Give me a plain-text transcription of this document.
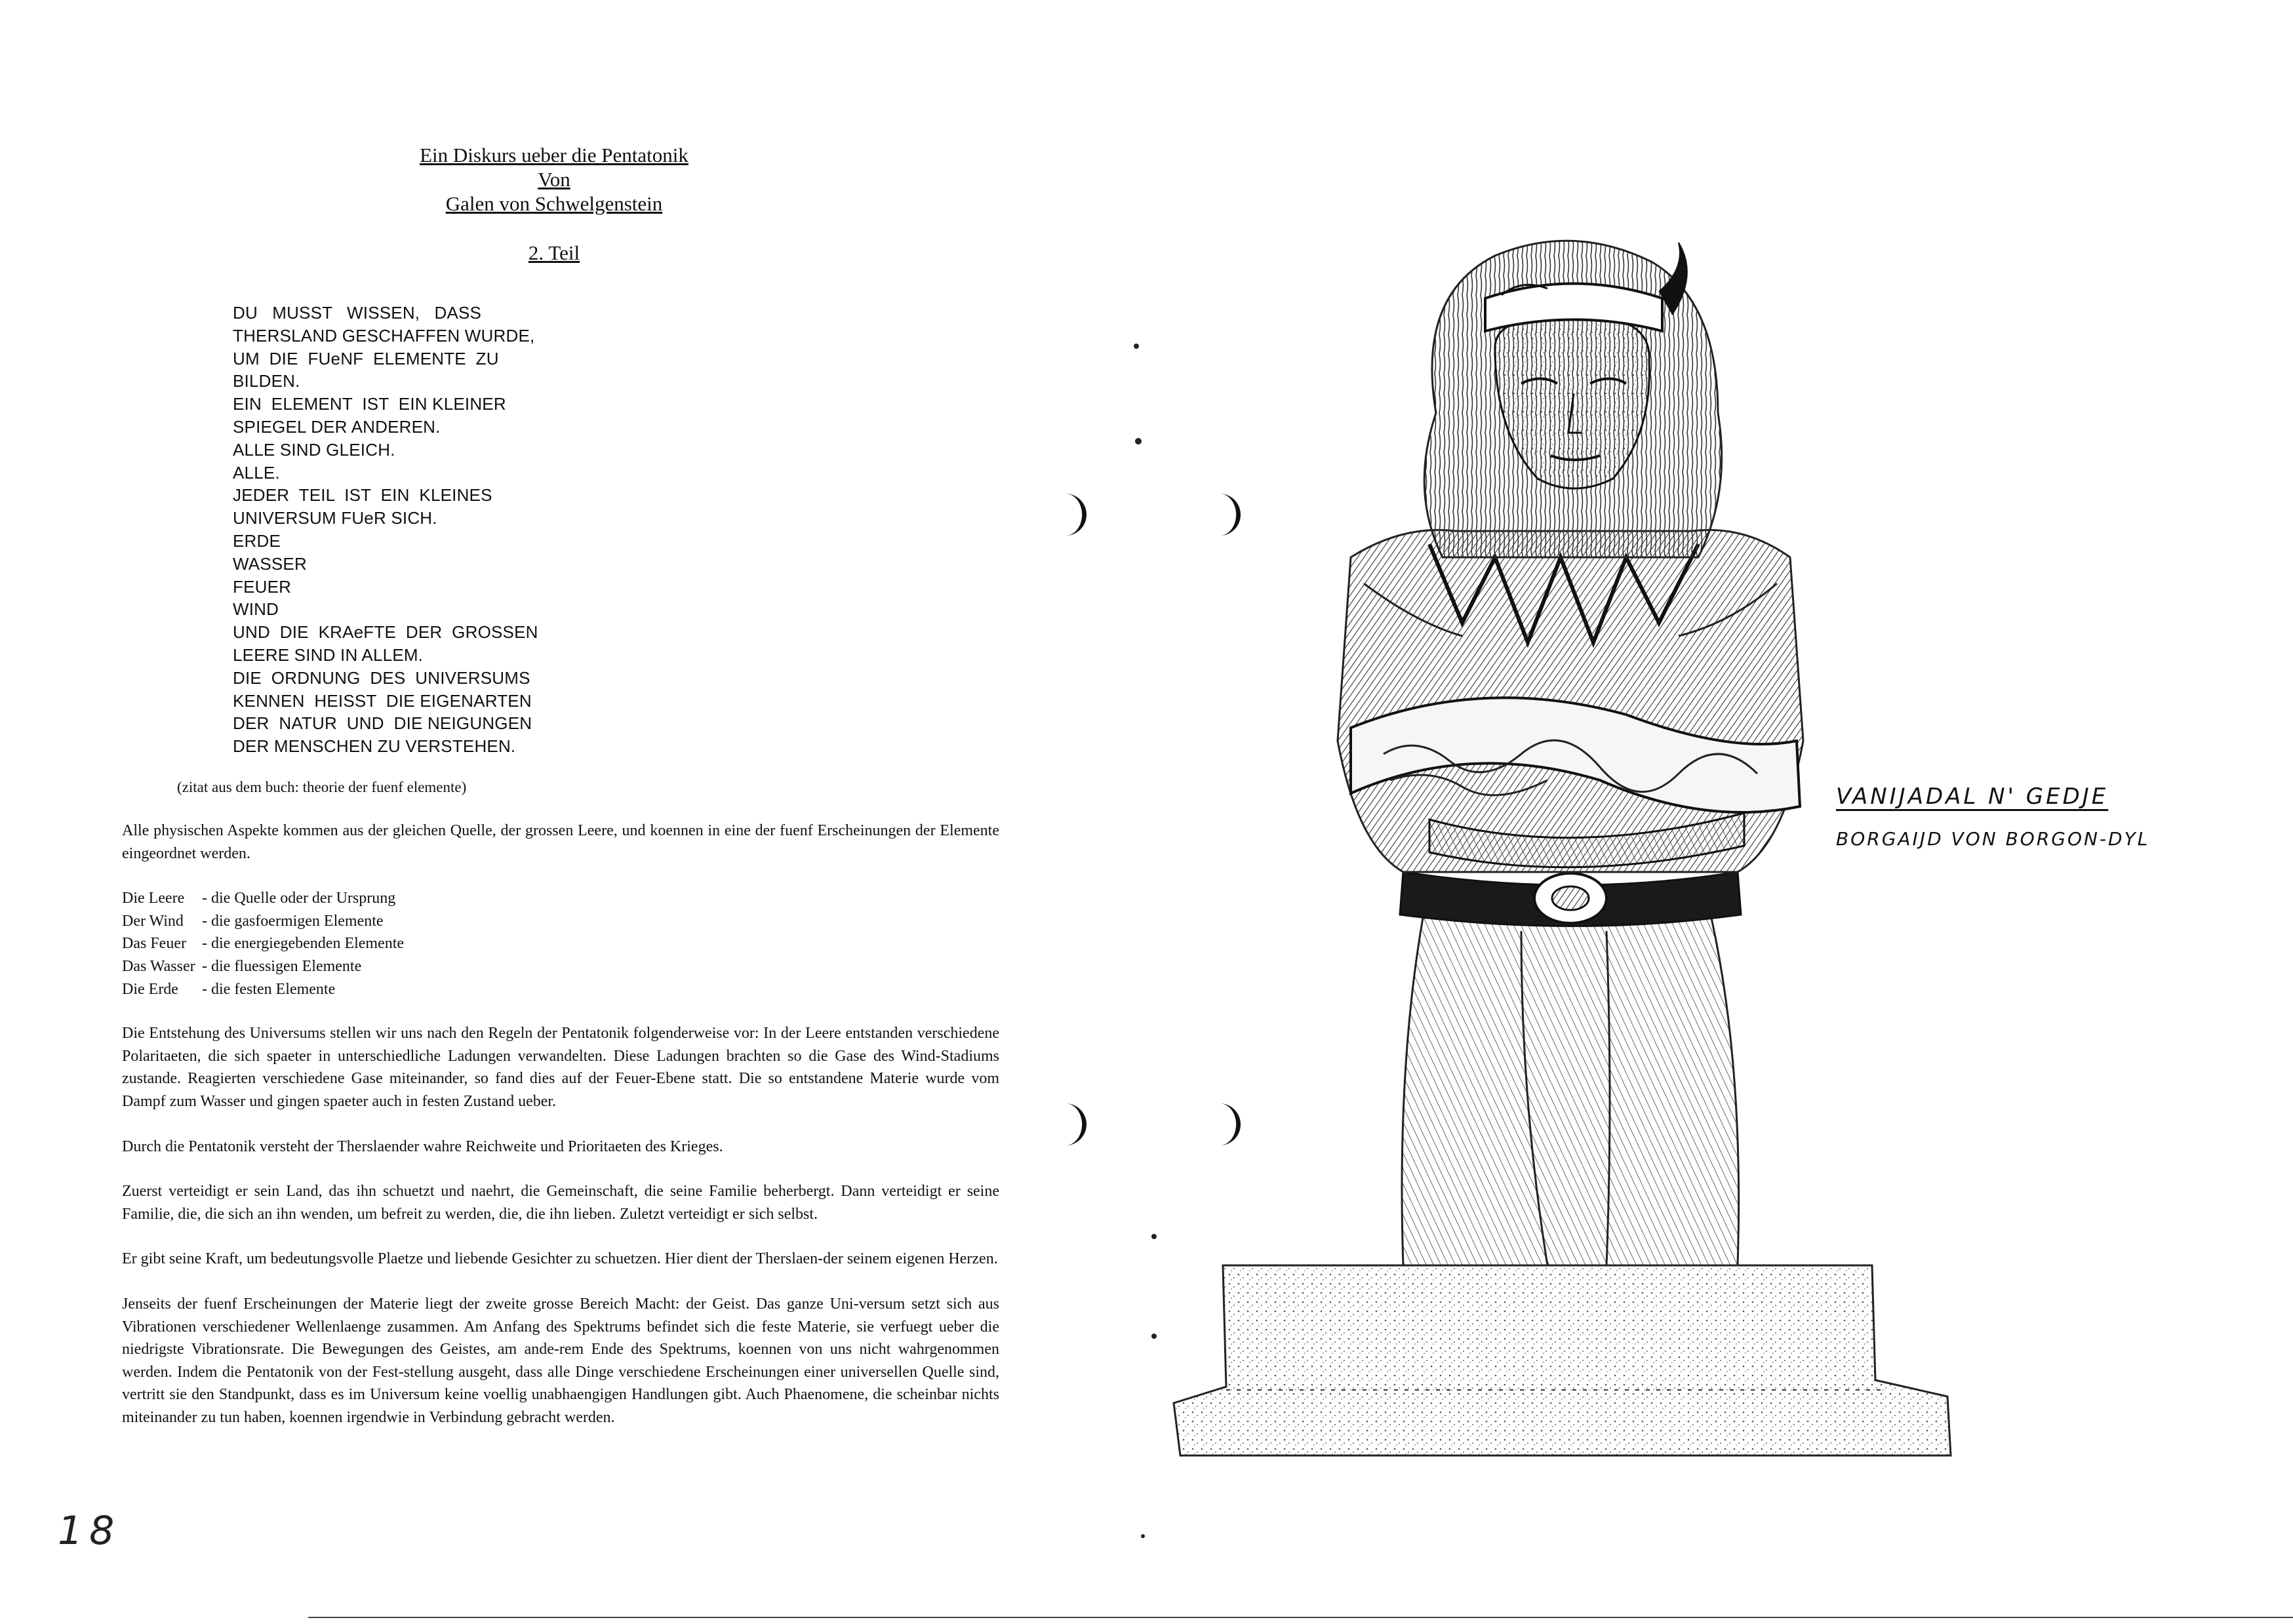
Ein Diskurs ueber die Pentatonik
Von
Galen von Schwelgenstein
2. Teil
DU   MUSST   WISSEN,   DASS
THERSLAND GESCHAFFEN WURDE,
UM  DIE  FUeNF  ELEMENTE  ZU
BILDEN.
EIN  ELEMENT  IST  EIN KLEINER
SPIEGEL DER ANDEREN.
ALLE SIND GLEICH.
ALLE.
JEDER  TEIL  IST  EIN  KLEINES
UNIVERSUM FUeR SICH.
ERDE
WASSER
FEUER
WIND
UND  DIE  KRAeFTE  DER  GROSSEN
LEERE SIND IN ALLEM.
DIE  ORDNUNG  DES  UNIVERSUMS
KENNEN  HEISST  DIE EIGENARTEN
DER  NATUR  UND  DIE NEIGUNGEN
DER MENSCHEN ZU VERSTEHEN.
(zitat aus dem buch: theorie der fuenf elemente)

Alle physischen Aspekte kommen aus der gleichen Quelle, der grossen Leere, und koennen in eine der fuenf Erscheinungen der Elemente eingeordnet werden.

Die Leere	- die Quelle oder der Ursprung
Der Wind	- die gasfoermigen Elemente
Das Feuer	- die energiegebenden Elemente
Das Wasser - die fluessigen Elemente
Die Erde	- die festen Elemente

Die Entstehung des Universums stellen wir uns nach den Regeln der Pentatonik folgenderweise vor: In der Leere entstanden verschiedene Polaritaeten, die sich spaeter in unterschiedliche Ladungen verwandelten. Diese Ladungen brachten so die Gase des Wind-Stadiums zustande. Reagierten verschiedene Gase miteinander, so fand dies auf der Feuer-Ebene statt. Die so entstandene Materie wurde vom Dampf zum Wasser und gingen spaeter auch in festen Zustand ueber.

Durch die Pentatonik versteht der Therslaender wahre Reichweite und Prioritaeten des Krieges.

Zuerst verteidigt er sein Land, das ihn schuetzt und naehrt, die Gemeinschaft, die seine Familie beherbergt. Dann verteidigt er seine Familie, die, die sich an ihn wenden, um befreit zu werden, die, die ihn lieben. Zuletzt verteidigt er sich selbst.

Er gibt seine Kraft, um bedeutungsvolle Plaetze und liebende Gesichter zu schuetzen. Hier dient der Therslaen-der seinem eigenen Herzen.

Jenseits der fuenf Erscheinungen der Materie liegt der zweite grosse Bereich Macht: der Geist. Das ganze Uni-versum setzt sich aus Vibrationen verschiedener Wellenlaenge zusammen. Am Anfang des Spektrums befindet sich die feste Materie, sie verfuegt ueber die niedrigste Vibrationsrate. Die Bewegungen des Geistes, am ande-rem Ende des Spektrums, koennen von uns nicht wahrgenommen werden. Indem die Pentatonik von der Fest-stellung ausgeht, dass alle Dinge verschiedene Erscheinungen einer universellen Quelle sind, vertritt sie den Standpunkt, dass es im Universum keine voellig unabhaengigen Handlungen gibt. Auch Phaenomene, die scheinbar nichts miteinander zu tun haben, koennen irgendwie in Verbindung gebracht werden.

18
VANIJADAL N' GEDJE
BORGAIJD VON BORGON-DYL
